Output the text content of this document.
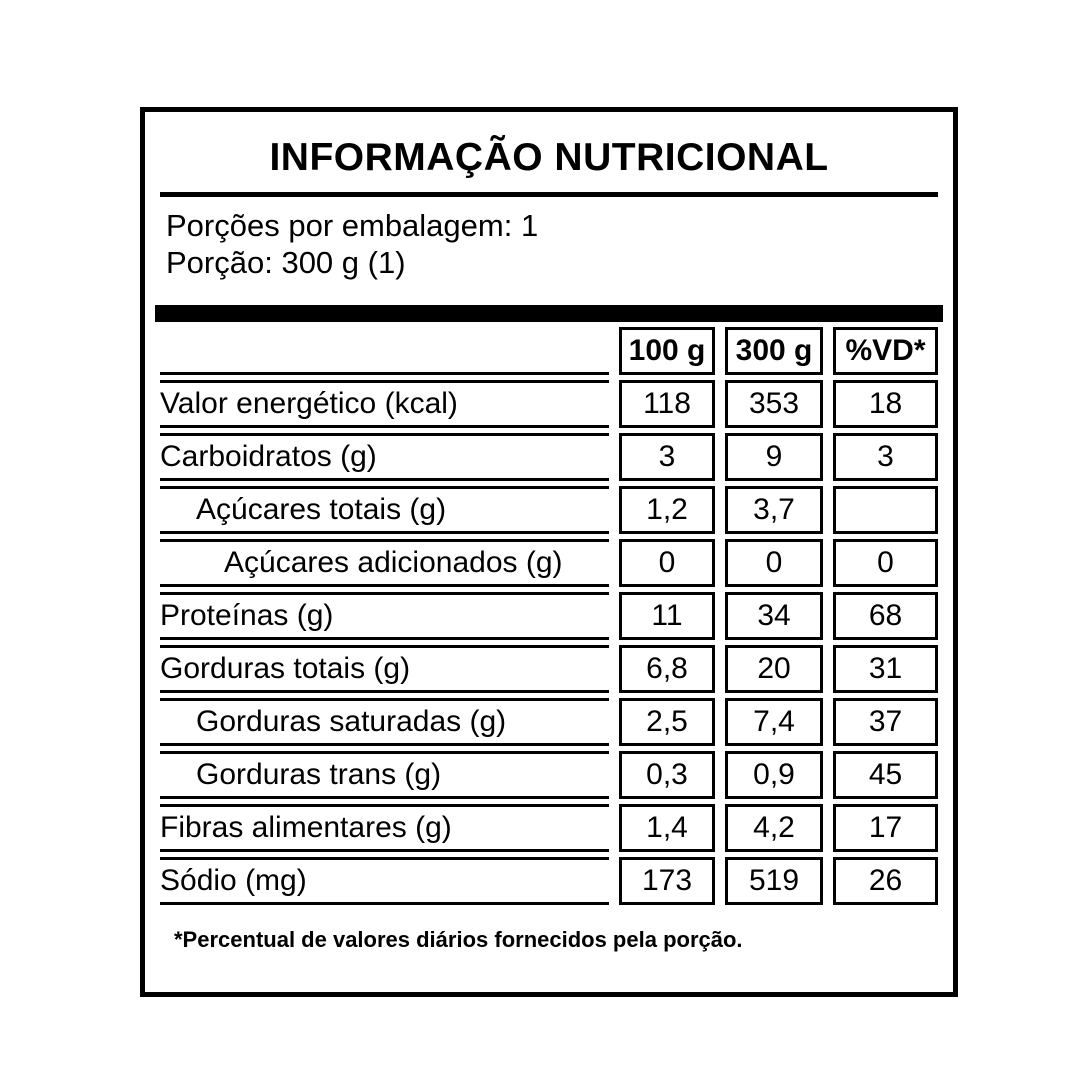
INFORMAÇÃO NUTRICIONAL
Porções por embalagem: 1
Porção: 300 g (1)
	100 g	300 g	%VD*
Valor energético (kcal)	118	353	18
Carboidratos (g)	3	9	3
Açúcares totais (g)	1,2	3,7	
Açúcares adicionados (g)	0	0	0
Proteínas (g)	11	34	68
Gorduras totais (g)	6,8	20	31
Gorduras saturadas (g)	2,5	7,4	37
Gorduras trans (g)	0,3	0,9	45
Fibras alimentares (g)	1,4	4,2	17
Sódio (mg)	173	519	26
*Percentual de valores diários fornecidos pela porção.
